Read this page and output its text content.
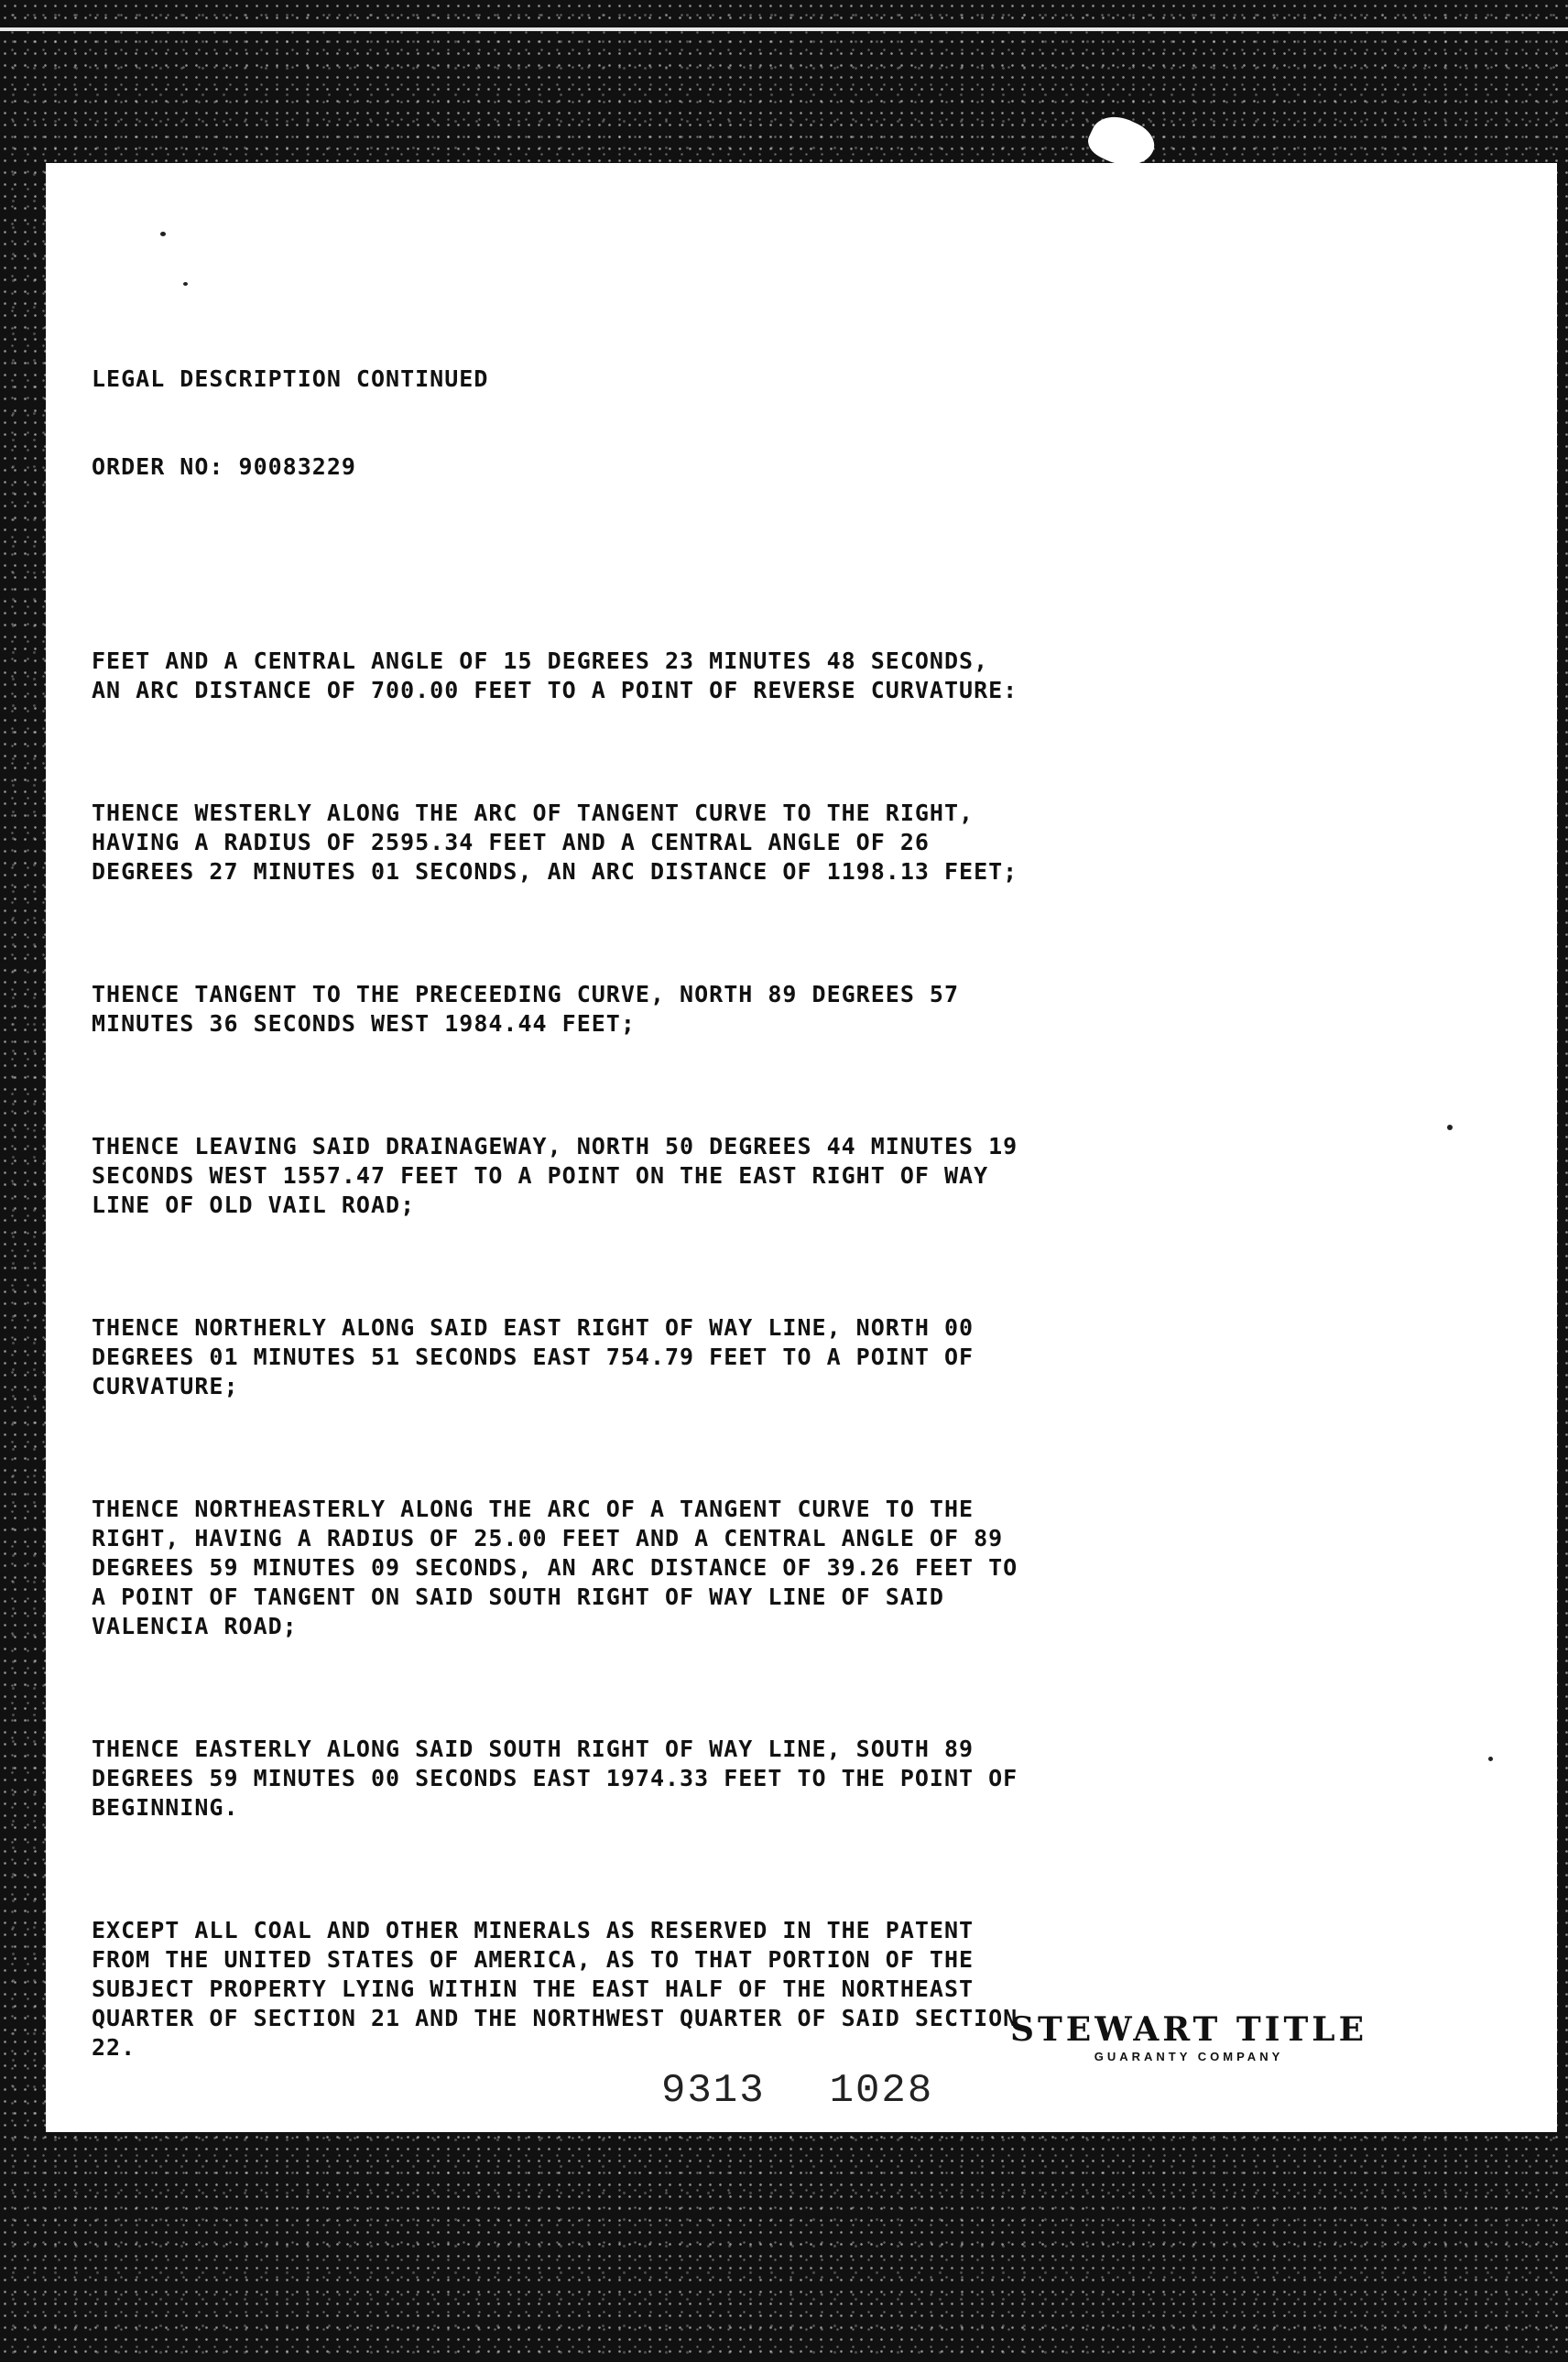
LEGAL DESCRIPTION CONTINUED

ORDER NO: 90083229

FEET AND A CENTRAL ANGLE OF 15 DEGREES 23 MINUTES 48 SECONDS,
AN ARC DISTANCE OF 700.00 FEET TO A POINT OF REVERSE CURVATURE:

THENCE WESTERLY ALONG THE ARC OF TANGENT CURVE TO THE RIGHT,
HAVING A RADIUS OF 2595.34 FEET AND A CENTRAL ANGLE OF 26
DEGREES 27 MINUTES 01 SECONDS, AN ARC DISTANCE OF 1198.13 FEET;

THENCE TANGENT TO THE PRECEEDING CURVE, NORTH 89 DEGREES 57
MINUTES 36 SECONDS WEST 1984.44 FEET;

THENCE LEAVING SAID DRAINAGEWAY, NORTH 50 DEGREES 44 MINUTES 19
SECONDS WEST 1557.47 FEET TO A POINT ON THE EAST RIGHT OF WAY
LINE OF OLD VAIL ROAD;

THENCE NORTHERLY ALONG SAID EAST RIGHT OF WAY LINE, NORTH 00
DEGREES 01 MINUTES 51 SECONDS EAST 754.79 FEET TO A POINT OF
CURVATURE;

THENCE NORTHEASTERLY ALONG THE ARC OF A TANGENT CURVE TO THE
RIGHT, HAVING A RADIUS OF 25.00 FEET AND A CENTRAL ANGLE OF 89
DEGREES 59 MINUTES 09 SECONDS, AN ARC DISTANCE OF 39.26 FEET TO
A POINT OF TANGENT ON SAID SOUTH RIGHT OF WAY LINE OF SAID
VALENCIA ROAD;

THENCE EASTERLY ALONG SAID SOUTH RIGHT OF WAY LINE, SOUTH 89
DEGREES 59 MINUTES 00 SECONDS EAST 1974.33 FEET TO THE POINT OF
BEGINNING.

EXCEPT ALL COAL AND OTHER MINERALS AS RESERVED IN THE PATENT
FROM THE UNITED STATES OF AMERICA, AS TO THAT PORTION OF THE
SUBJECT PROPERTY LYING WITHIN THE EAST HALF OF THE NORTHEAST
QUARTER OF SECTION 21 AND THE NORTHWEST QUARTER OF SAID SECTION
22.

	STEWART TITLE
GUARANTY COMPANY
9313 1028
